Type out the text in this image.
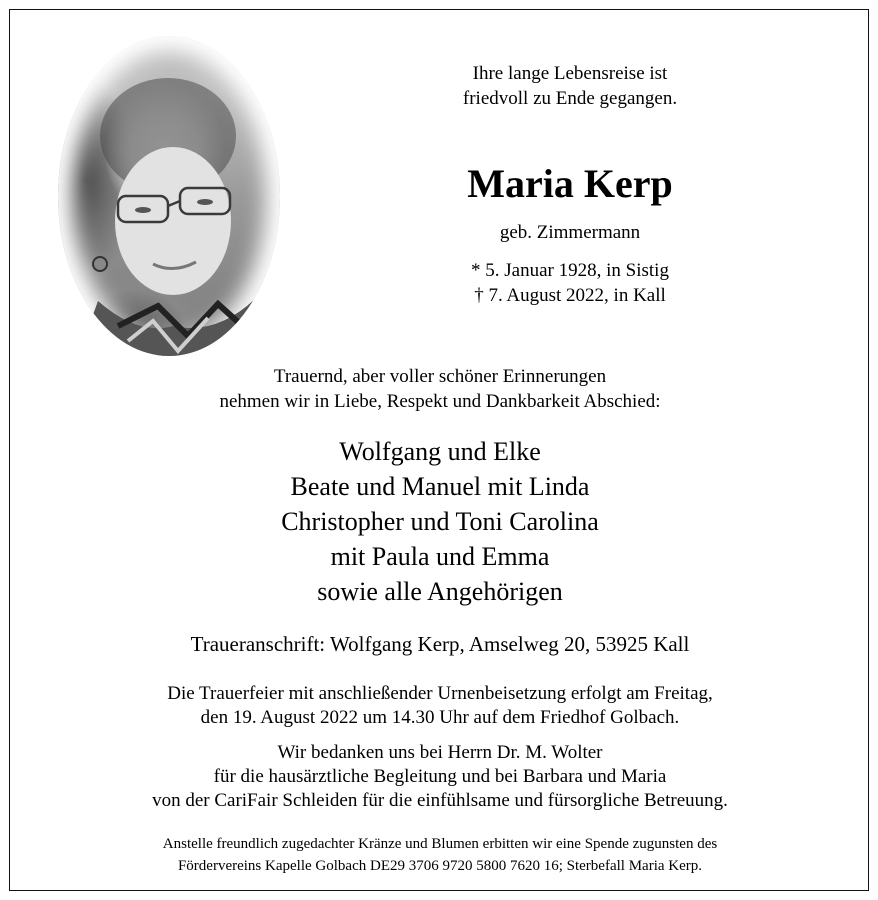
Ihre lange Lebensreise ist
friedvoll zu Ende gegangen.
Maria Kerp
geb. Zimmermann
* 5. Januar 1928, in Sistig
† 7. August 2022, in Kall
Trauernd, aber voller schöner Erinnerungen
nehmen wir in Liebe, Respekt und Dankbarkeit Abschied:
Wolfgang und Elke
Beate und Manuel mit Linda
Christopher und Toni Carolina
mit Paula und Emma
sowie alle Angehörigen
Traueranschrift: Wolfgang Kerp, Amselweg 20, 53925 Kall
Die Trauerfeier mit anschließender Urnenbeisetzung erfolgt am Freitag,
den 19. August 2022 um 14.30 Uhr auf dem Friedhof Golbach.
Wir bedanken uns bei Herrn Dr. M. Wolter
für die hausärztliche Begleitung und bei Barbara und Maria
von der CariFair Schleiden für die einfühlsame und fürsorgliche Betreuung.
Anstelle freundlich zugedachter Kränze und Blumen erbitten wir eine Spende zugunsten des
Fördervereins Kapelle Golbach DE29 3706 9720 5800 7620 16; Sterbefall Maria Kerp.
